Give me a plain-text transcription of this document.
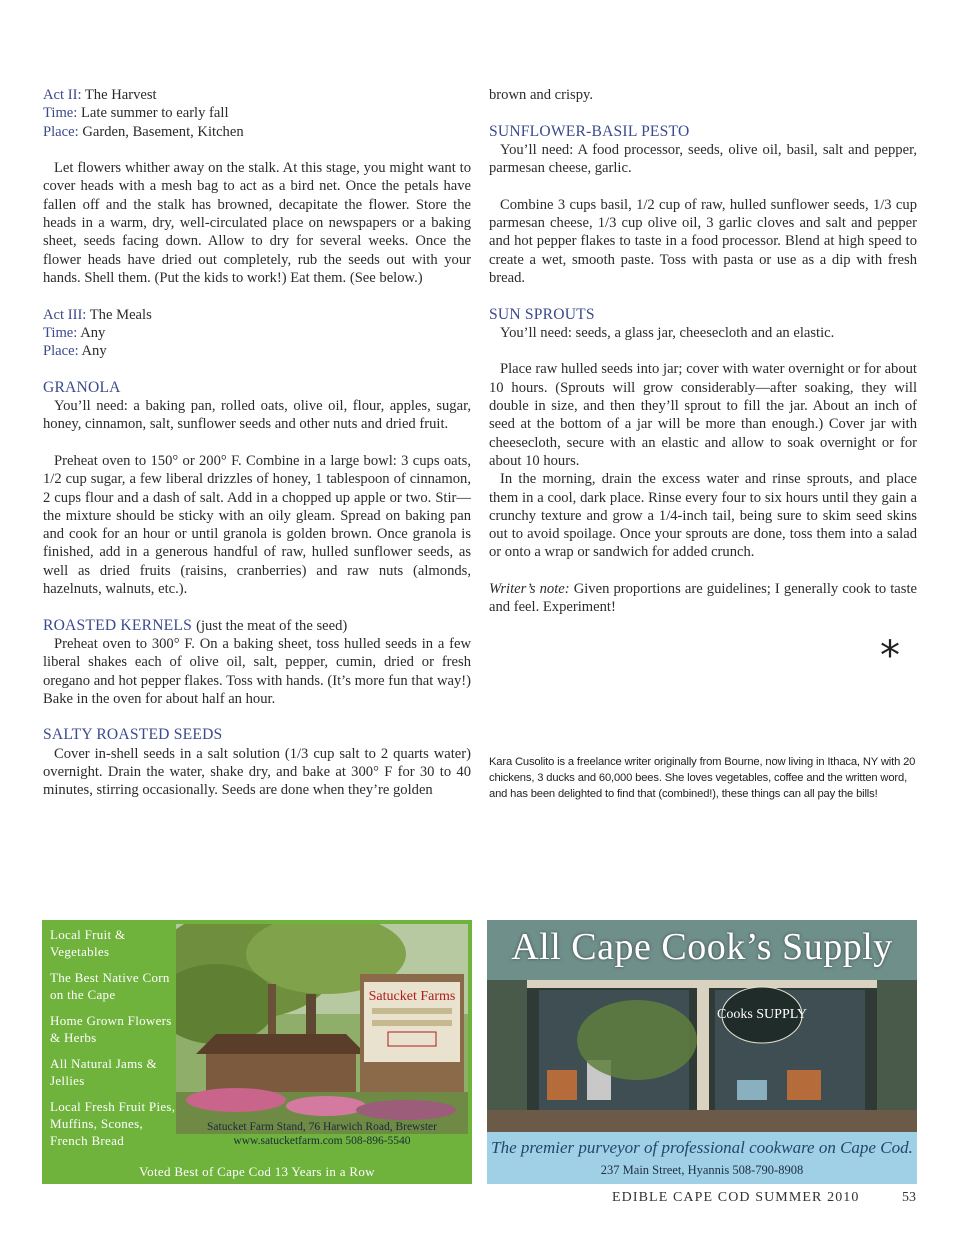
Act II: The Harvest
Time: Late summer to early fall
Place: Garden, Basement, Kitchen

Let flowers whither away on the stalk. At this stage, you might want to cover heads with a mesh bag to act as a bird net. Once the petals have fallen off and the stalk has browned, decapitate the flower. Store the heads in a warm, dry, well-circulated place on newspapers or a baking sheet, seeds facing down. Allow to dry for several weeks. Once the flower heads have dried out completely, rub the seeds out with your hands. Shell them. (Put the kids to work!) Eat them. (See below.)

Act III: The Meals
Time: Any
Place: Any
GRANOLA

You’ll need: a baking pan, rolled oats, olive oil, flour, apples, sugar, honey, cinnamon, salt, sunflower seeds and other nuts and dried fruit.

Preheat oven to 150° or 200° F. Combine in a large bowl: 3 cups oats, 1/2 cup sugar, a few liberal drizzles of honey, 1 tablespoon of cinnamon, 2 cups flour and a dash of salt. Add in a chopped up apple or two. Stir—the mixture should be sticky with an oily gleam. Spread on baking pan and cook for an hour or until granola is golden brown. Once granola is finished, add in a generous handful of raw, hulled sunflower seeds, as well as dried fruits (raisins, cranberries) and raw nuts (almonds, hazelnuts, walnuts, etc.).

ROASTED KERNELS (just the meat of the seed)

Preheat oven to 300° F. On a baking sheet, toss hulled seeds in a few liberal shakes each of olive oil, salt, pepper, cumin, dried or fresh oregano and hot pepper flakes. Toss with hands. (It’s more fun that way!) Bake in the oven for about half an hour.

SALTY ROASTED SEEDS

Cover in-shell seeds in a salt solution (1/3 cup salt to 2 quarts water) overnight. Drain the water, shake dry, and bake at 300° F for 30 to 40 minutes, stirring occasionally. Seeds are done when they’re golden

brown and crispy.

SUNFLOWER-BASIL PESTO

You’ll need: A food processor, seeds, olive oil, basil, salt and pepper, parmesan cheese, garlic.

Combine 3 cups basil, 1/2 cup of raw, hulled sunflower seeds, 1/3 cup parmesan cheese, 1/3 cup olive oil, 3 garlic cloves and salt and pepper and hot pepper flakes to taste in a food processor. Blend at high speed to create a wet, smooth paste. Toss with pasta or use as a dip with fresh bread.

SUN SPROUTS

You’ll need: seeds, a glass jar, cheesecloth and an elastic.

Place raw hulled seeds into jar; cover with water overnight or for about 10 hours. (Sprouts will grow considerably—after soaking, they will double in size, and then they’ll sprout to fill the jar. About an inch of seed at the bottom of a jar will be more than enough.) Cover jar with cheesecloth, secure with an elastic and allow to soak overnight or for about 10 hours.

In the morning, drain the excess water and rinse sprouts, and place them in a cool, dark place. Rinse every four to six hours until they gain a crunchy texture and grow a 1/4-inch tail, being sure to skim seed skins out to avoid spoilage. Once your sprouts are done, toss them into a salad or onto a wrap or sandwich for added crunch.

Writer’s note: Given proportions are guidelines; I generally cook to taste and feel. Experiment!

*

Kara Cusolito is a freelance writer originally from Bourne, now living in Ithaca, NY with 20 chickens, 3 ducks and 60,000 bees. She loves vegetables, coffee and the written word, and has been delighted to find that (combined!), these things can all pay the bills!

Local Fruit & Vegetables
The Best Native Corn on the Cape
Home Grown Flowers & Herbs
All Natural Jams & Jellies
Local Fresh Fruit Pies, Muffins, Scones, French Bread
Satucket Farms
Satucket Farm Stand, 76 Harwich Road, Brewster
www.satucketfarm.com 508-896-5540
Voted Best of Cape Cod 13 Years in a Row
Cooks SUPPLY
All Cape Cook’s Supply
The premier purveyor of professional cookware on Cape Cod.
237 Main Street, Hyannis 508-790-8908
EDIBLE CAPE COD SUMMER 2010	53
